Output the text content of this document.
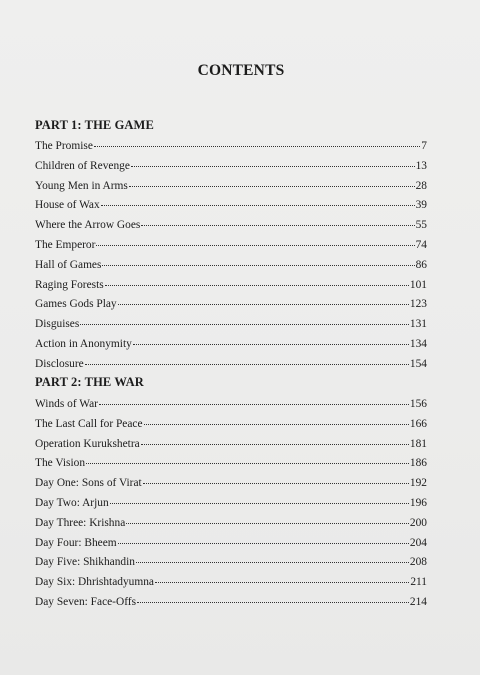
CONTENTS
PART 1: THE GAME
The Promise	7
Children of Revenge	13
Young Men in Arms	28
House of Wax	39
Where the Arrow Goes	55
The Emperor	74
Hall of Games	86
Raging Forests	101
Games Gods Play	123
Disguises	131
Action in Anonymity	134
Disclosure	154
PART 2: THE WAR
Winds of War	156
The Last Call for Peace	166
Operation Kurukshetra	181
The Vision	186
Day One: Sons of Virat	192
Day Two: Arjun	196
Day Three: Krishna	200
Day Four: Bheem	204
Day Five: Shikhandin	208
Day Six: Dhrishtadyumna	211
Day Seven: Face-Offs	214
